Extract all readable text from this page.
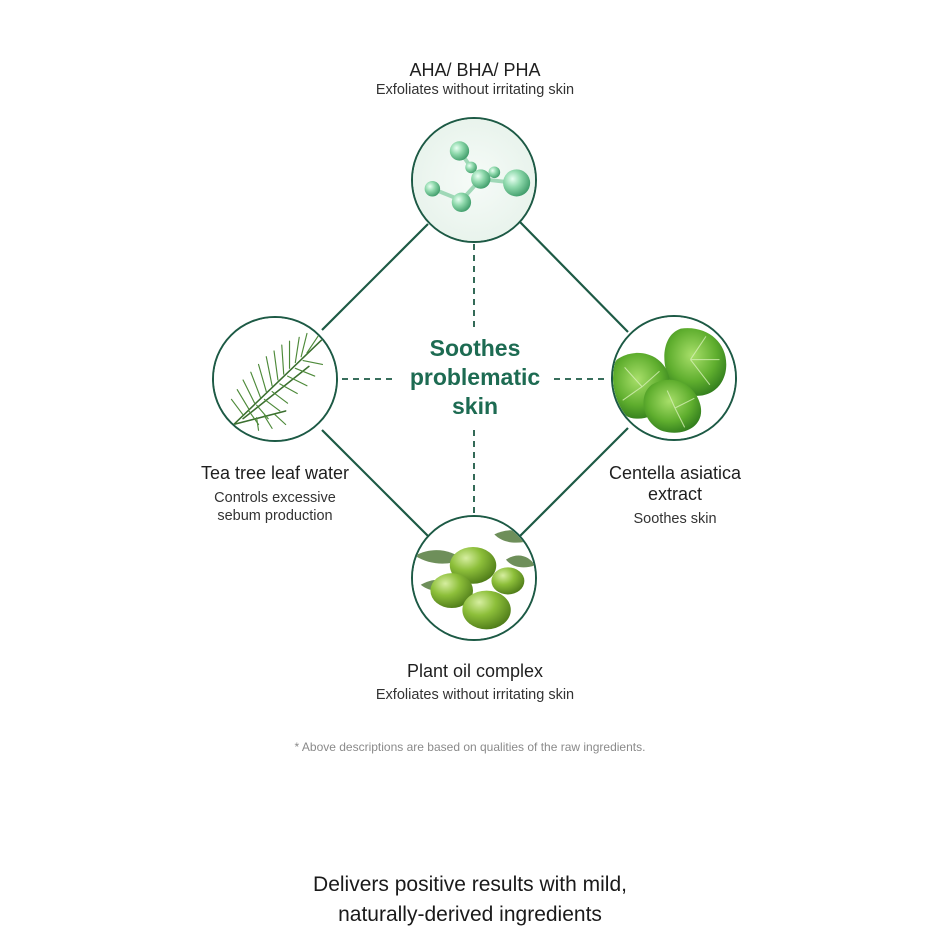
AHA/ BHA/ PHA
Exfoliates without irritating skin
Tea tree leaf water
Controls excessive
sebum production
Centella asiatica
extract
Soothes skin
Plant oil complex
Exfoliates without irritating skin
Soothes
problematic
skin
* Above descriptions are based on qualities of the raw ingredients.
Delivers positive results with mild,
naturally-derived ingredients
